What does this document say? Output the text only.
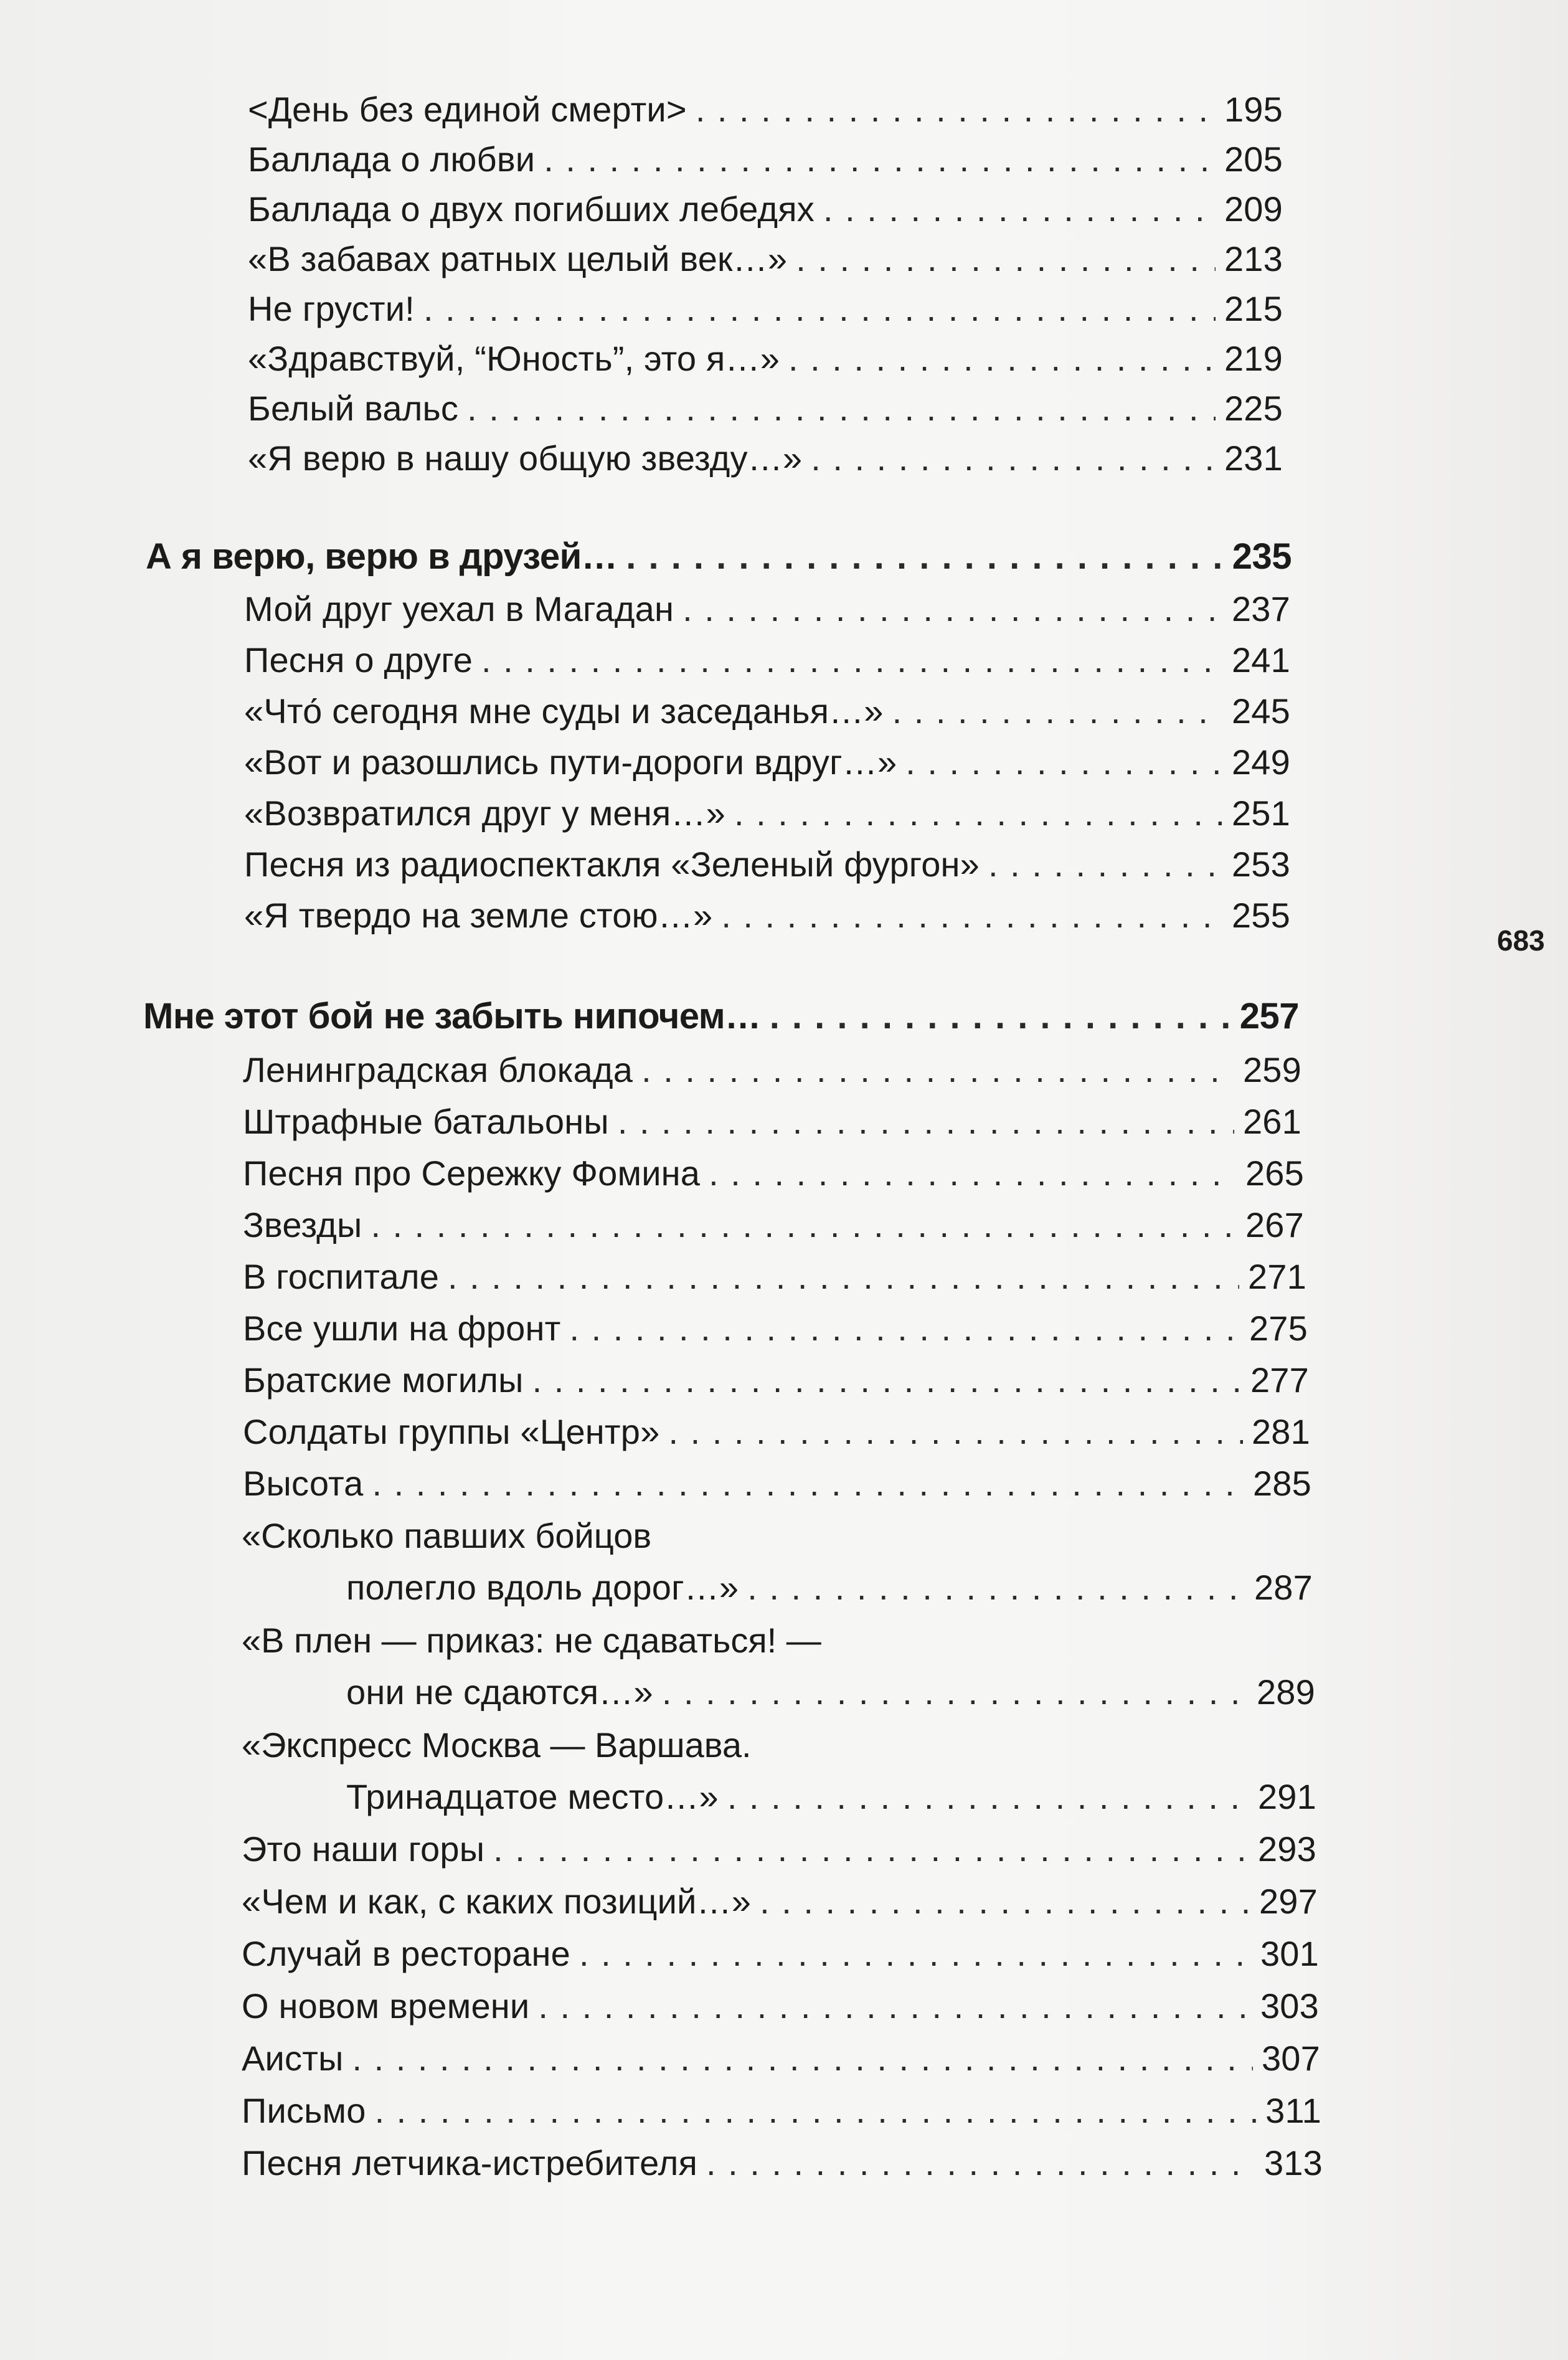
<День без единой смерти> . . .	195
Баллада о любви . . .	205
Баллада о двух погибших лебедях . . .	209
«В забавах ратных целый век…» . . .	213
Не грусти! . . .	215
«Здравствуй, “Юность”, это я…» . . .	219
Белый вальс . . .	225
«Я верю в нашу общую звезду…» . . .	231
А я верю, верю в друзей… . . .	235
Мой друг уехал в Магадан . . .	237
Песня о друге . . .	241
«Что́ сегодня мне суды и заседанья…» . . .	245
«Вот и разошлись пути-дороги вдруг…» . . .	249
«Возвратился друг у меня…» . . .	251
Песня из радиоспектакля «Зеленый фургон» . . .	253
«Я твердо на земле стою…» . . .	255
683
Мне этот бой не забыть нипочем… . . .	257
Ленинградская блокада . . .	259
Штрафные батальоны . . .	261
Песня про Сережку Фомина . . .	265
Звезды . . .	267
В госпитале . . .	271
Все ушли на фронт . . .	275
Братские могилы . . .	277
Солдаты группы «Центр» . . .	281
Высота . . .	285
«Сколько павших бойцов
полегло вдоль дорог…» . . .	287
«В плен — приказ: не сдаваться! —
они не сдаются…» . . .	289
«Экспресс Москва — Варшава.
Тринадцатое место…» . . .	291
Это наши горы . . .	293
«Чем и как, с каких позиций…» . . .	297
Случай в ресторане . . .	301
О новом времени . . .	303
Аисты . . .	307
Письмо . . .	311
Песня летчика-истребителя . . .	313
